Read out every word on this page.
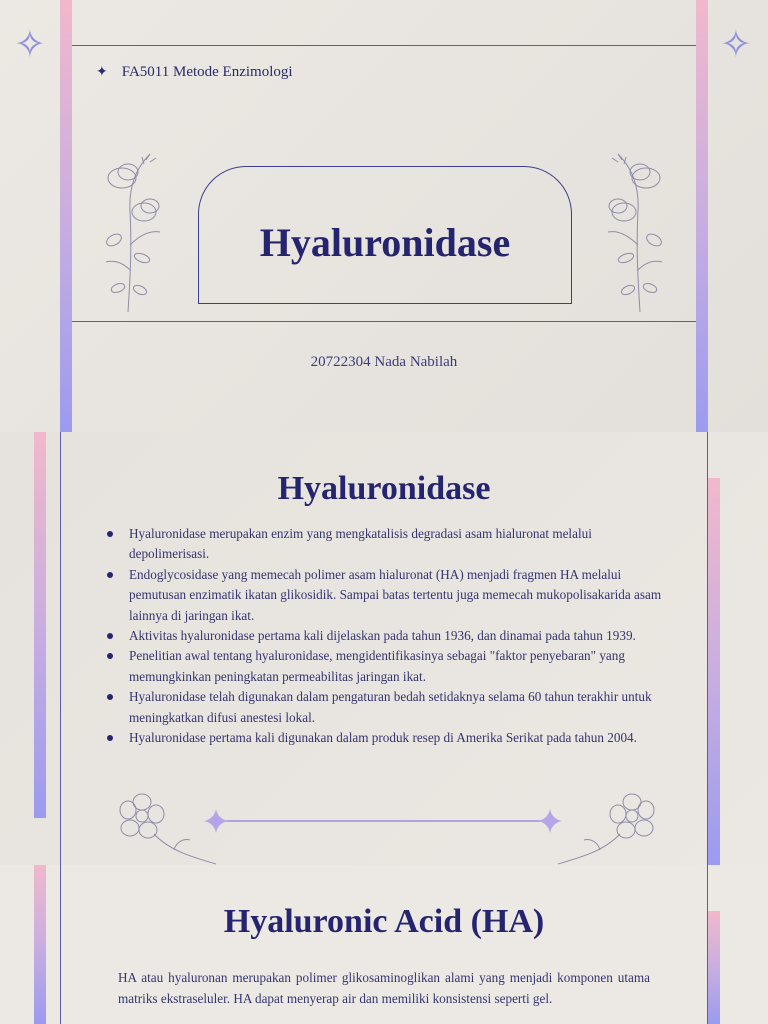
✧	✧
✦ FA5011 Metode Enzimologi
Hyaluronidase
20722304 Nada Nabilah
Hyaluronidase
Hyaluronidase merupakan enzim yang mengkatalisis degradasi asam hialuronat melalui depolimerisasi.
Endoglycosidase yang memecah polimer asam hialuronat (HA) menjadi fragmen HA melalui pemutusan enzimatik ikatan glikosidik. Sampai batas tertentu juga memecah mukopolisakarida asam lainnya di jaringan ikat.
Aktivitas hyaluronidase pertama kali dijelaskan pada tahun 1936, dan dinamai pada tahun 1939.
Penelitian awal tentang hyaluronidase, mengidentifikasinya sebagai "faktor penyebaran" yang memungkinkan peningkatan permeabilitas jaringan ikat.
Hyaluronidase telah digunakan dalam pengaturan bedah setidaknya selama 60 tahun terakhir untuk meningkatkan difusi anestesi lokal.
Hyaluronidase pertama kali digunakan dalam produk resep di Amerika Serikat pada tahun 2004.
Hyaluronic Acid (HA)

HA atau hyaluronan merupakan polimer glikosaminoglikan alami yang menjadi komponen utama matriks ekstraseluler. HA dapat menyerap air dan memiliki konsistensi seperti gel.
